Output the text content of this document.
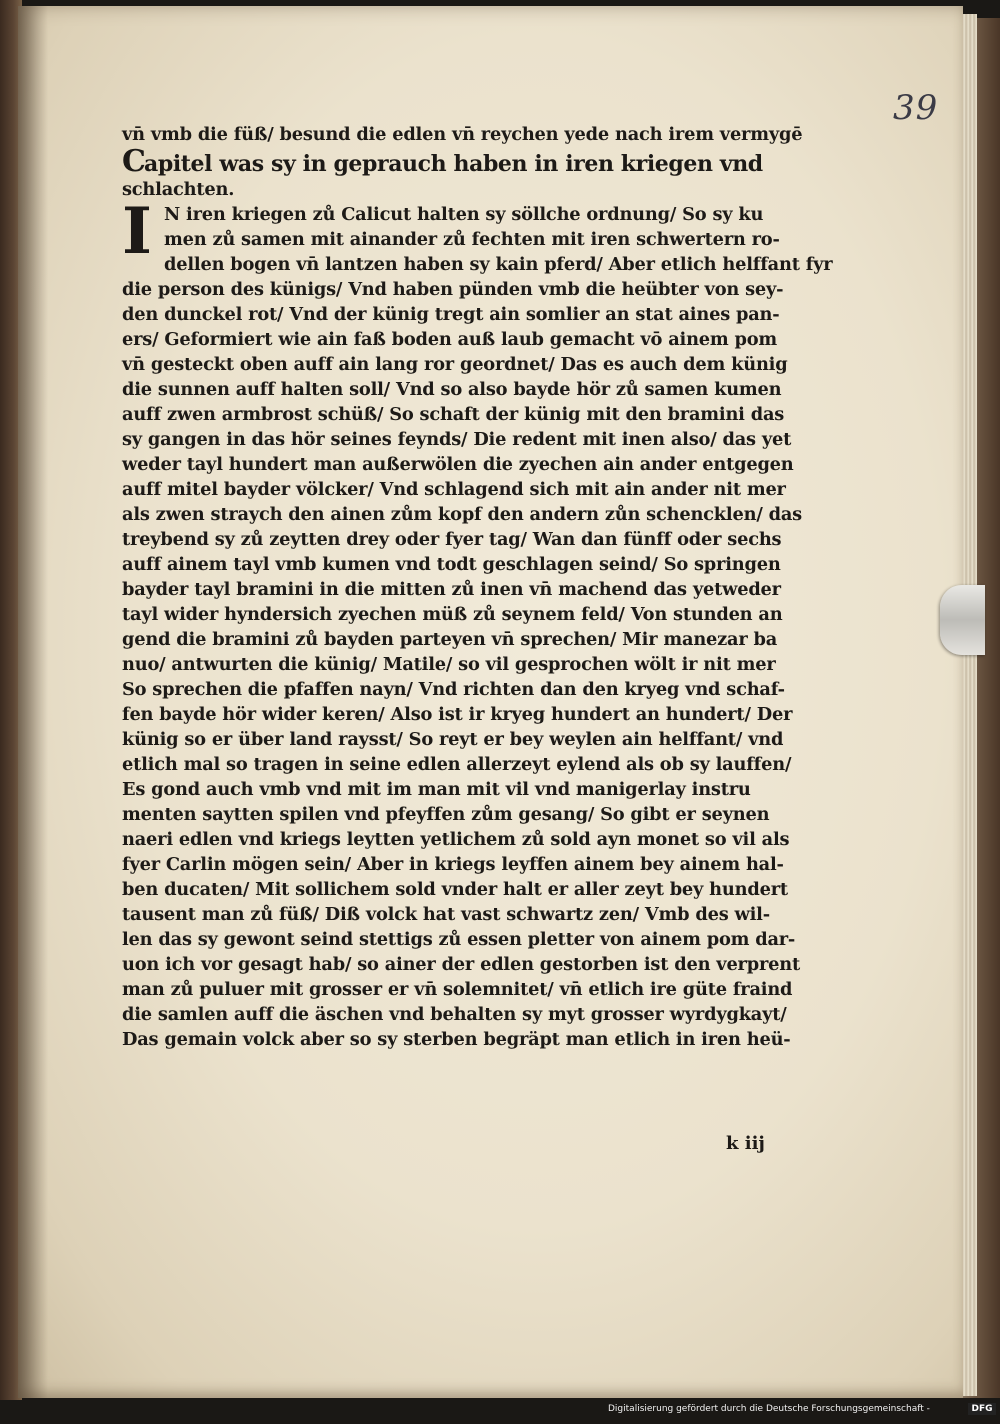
39

vn̄ vmb die füß/ besund die edlen vn̄ reychen yede nach irem vermygē
Capitel was sy in geprauch haben in iren kriegen vnd
schlachten.
I N iren kriegen zů Calicut halten sy söllche ordnung/ So sy ku
men zů samen mit ainander zů fechten mit iren schwertern ro-
dellen bogen vn̄ lantzen haben sy kain pferd/ Aber etlich helffant fyr
die person des künigs/ Vnd haben pünden vmb die heübter von sey-
den dunckel rot/ Vnd der künig tregt ain somlier an stat aines pan-
ers/ Geformiert wie ain faß boden auß laub gemacht vō ainem pom
vn̄ gesteckt oben auff ain lang ror geordnet/ Das es auch dem künig
die sunnen auff halten soll/ Vnd so also bayde hör zů samen kumen
auff zwen armbrost schüß/ So schaft der künig mit den bramini das
sy gangen in das hör seines feynds/ Die redent mit inen also/ das yet
weder tayl hundert man außerwölen die zyechen ain ander entgegen
auff mitel bayder völcker/ Vnd schlagend sich mit ain ander nit mer
als zwen straych den ainen zům kopf den andern zůn schencklen/ das
treybend sy zů zeytten drey oder fyer tag/ Wan dan fünff oder sechs
auff ainem tayl vmb kumen vnd todt geschlagen seind/ So springen
bayder tayl bramini in die mitten zů inen vn̄ machend das yetweder
tayl wider hyndersich zyechen müß zů seynem feld/ Von stunden an
gend die bramini zů bayden parteyen vn̄ sprechen/ Mir manezar ba
nuo/ antwurten die künig/ Matile/ so vil gesprochen wölt ir nit mer
So sprechen die pfaffen nayn/ Vnd richten dan den kryeg vnd schaf-
fen bayde hör wider keren/ Also ist ir kryeg hundert an hundert/ Der
künig so er über land raysst/ So reyt er bey weylen ain helffant/ vnd
etlich mal so tragen in seine edlen allerzeyt eylend als ob sy lauffen/
Es gond auch vmb vnd mit im man mit vil vnd manigerlay instru
menten saytten spilen vnd pfeyffen zům gesang/ So gibt er seynen
naeri edlen vnd kriegs leytten yetlichem zů sold ayn monet so vil als
fyer Carlin mögen sein/ Aber in kriegs leyffen ainem bey ainem hal-
ben ducaten/ Mit sollichem sold vnder halt er aller zeyt bey hundert
tausent man zů füß/ Diß volck hat vast schwartz zen/ Vmb des wil-
len das sy gewont seind stettigs zů essen pletter von ainem pom dar-
uon ich vor gesagt hab/ so ainer der edlen gestorben ist den verprent
man zů puluer mit grosser er vn̄ solemnitet/ vn̄ etlich ire güte fraind
die samlen auff die äschen vnd behalten sy myt grosser wyrdygkayt/
Das gemain volck aber so sy sterben begräpt man etlich in iren heü-

k iij

Digitalisierung gefördert durch die Deutsche Forschungsgemeinschaft -	DFG
